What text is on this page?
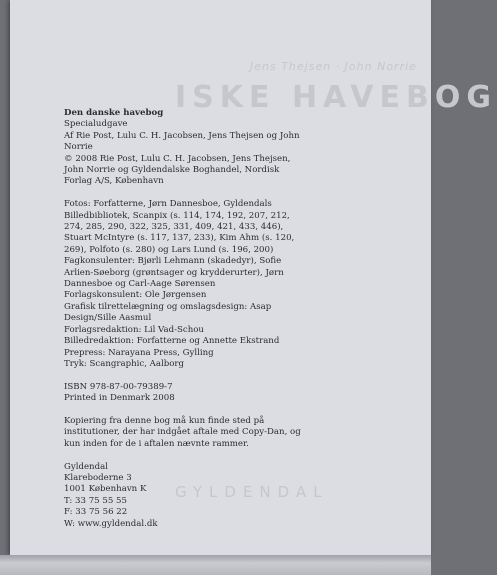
Jens Thejsen · John Norrie
ISKE HAVEBOG
GYLDENDAL

Den danske havebog

Specialudgave

Af Rie Post, Lulu C. H. Jacobsen, Jens Thejsen og John Norrie

© 2008 Rie Post, Lulu C. H. Jacobsen, Jens Thejsen, John Norrie og Gyldendalske Boghandel, Nordisk Forlag A/S, København

Fotos: Forfatterne, Jørn Dannesboe, Gyldendals Billedbibliotek, Scanpix (s. 114, 174, 192, 207, 212, 274, 285, 290, 322, 325, 331, 409, 421, 433, 446), Stuart McIntyre (s. 117, 137, 233), Kim Ahm (s. 120, 269), Polfoto (s. 280) og Lars Lund (s. 196, 200)

Fagkonsulenter: Bjørli Lehmann (skadedyr), Sofie Arlien-Søeborg (grøntsager og krydderurter), Jørn Dannesboe og Carl-Aage Sørensen

Forlagskonsulent: Ole Jørgensen

Grafisk tilrettelægning og omslagsdesign: Asap Design/Sille Aasmul

Forlagsredaktion: Lil Vad-Schou

Billedredaktion: Forfatterne og Annette Ekstrand

Prepress: Narayana Press, Gylling

Tryk: Scangraphic, Aalborg

ISBN 978-87-00-79389-7

Printed in Denmark 2008

Kopiering fra denne bog må kun finde sted på institutioner, der har indgået aftale med Copy-Dan, og kun inden for de i aftalen nævnte rammer.

Gyldendal

Klareboderne 3

1001 København K

T: 33 75 55 55

F: 33 75 56 22

W: www.gyldendal.dk
